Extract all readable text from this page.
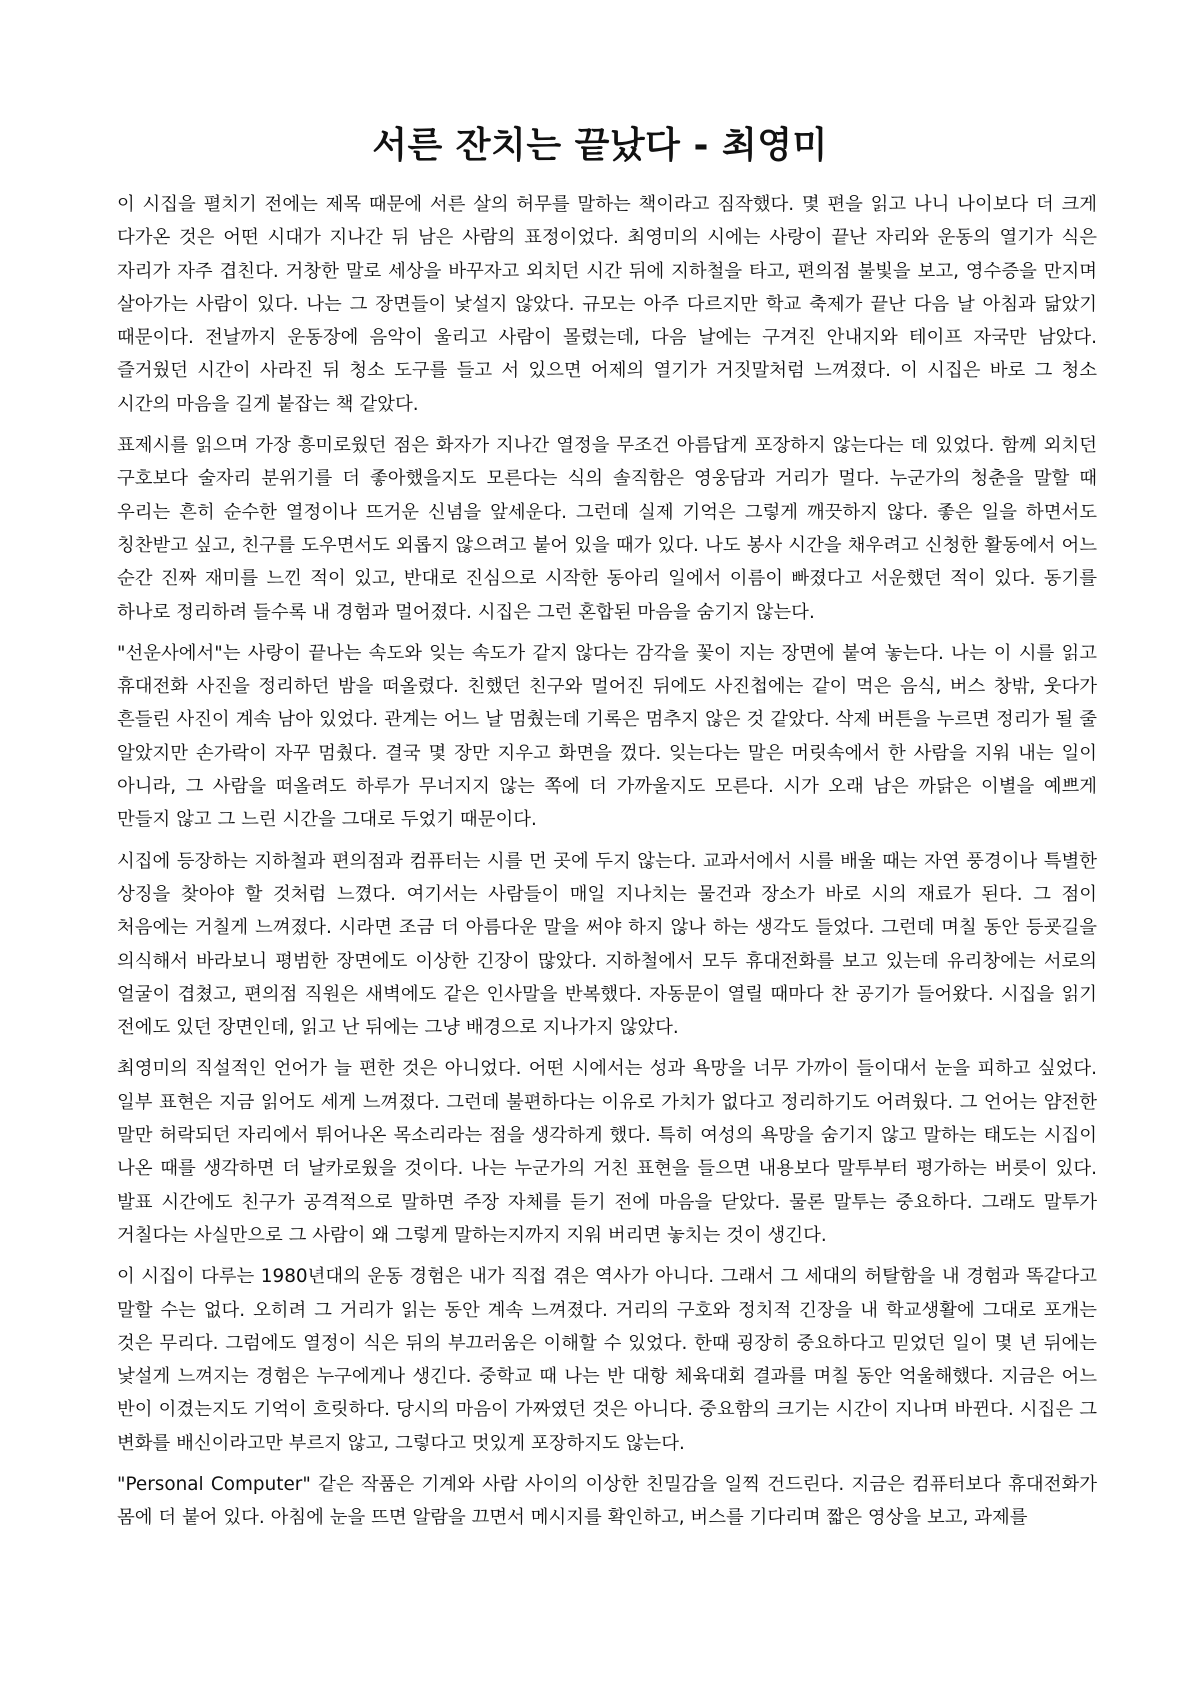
서른 잔치는 끝났다 - 최영미

이 시집을 펼치기 전에는 제목 때문에 서른 살의 허무를 말하는 책이라고 짐작했다. 몇 편을 읽고 나니 나이보다 더 크게 다가온 것은 어떤 시대가 지나간 뒤 남은 사람의 표정이었다. 최영미의 시에는 사랑이 끝난 자리와 운동의 열기가 식은 자리가 자주 겹친다. 거창한 말로 세상을 바꾸자고 외치던 시간 뒤에 지하철을 타고, 편의점 불빛을 보고, 영수증을 만지며 살아가는 사람이 있다. 나는 그 장면들이 낯설지 않았다. 규모는 아주 다르지만 학교 축제가 끝난 다음 날 아침과 닮았기 때문이다. 전날까지 운동장에 음악이 울리고 사람이 몰렸는데, 다음 날에는 구겨진 안내지와 테이프 자국만 남았다. 즐거웠던 시간이 사라진 뒤 청소 도구를 들고 서 있으면 어제의 열기가 거짓말처럼 느껴졌다. 이 시집은 바로 그 청소 시간의 마음을 길게 붙잡는 책 같았다.

표제시를 읽으며 가장 흥미로웠던 점은 화자가 지나간 열정을 무조건 아름답게 포장하지 않는다는 데 있었다. 함께 외치던 구호보다 술자리 분위기를 더 좋아했을지도 모른다는 식의 솔직함은 영웅담과 거리가 멀다. 누군가의 청춘을 말할 때 우리는 흔히 순수한 열정이나 뜨거운 신념을 앞세운다. 그런데 실제 기억은 그렇게 깨끗하지 않다. 좋은 일을 하면서도 칭찬받고 싶고, 친구를 도우면서도 외롭지 않으려고 붙어 있을 때가 있다. 나도 봉사 시간을 채우려고 신청한 활동에서 어느 순간 진짜 재미를 느낀 적이 있고, 반대로 진심으로 시작한 동아리 일에서 이름이 빠졌다고 서운했던 적이 있다. 동기를 하나로 정리하려 들수록 내 경험과 멀어졌다. 시집은 그런 혼합된 마음을 숨기지 않는다.

"선운사에서"는 사랑이 끝나는 속도와 잊는 속도가 같지 않다는 감각을 꽃이 지는 장면에 붙여 놓는다. 나는 이 시를 읽고 휴대전화 사진을 정리하던 밤을 떠올렸다. 친했던 친구와 멀어진 뒤에도 사진첩에는 같이 먹은 음식, 버스 창밖, 웃다가 흔들린 사진이 계속 남아 있었다. 관계는 어느 날 멈췄는데 기록은 멈추지 않은 것 같았다. 삭제 버튼을 누르면 정리가 될 줄 알았지만 손가락이 자꾸 멈췄다. 결국 몇 장만 지우고 화면을 껐다. 잊는다는 말은 머릿속에서 한 사람을 지워 내는 일이 아니라, 그 사람을 떠올려도 하루가 무너지지 않는 쪽에 더 가까울지도 모른다. 시가 오래 남은 까닭은 이별을 예쁘게 만들지 않고 그 느린 시간을 그대로 두었기 때문이다.

시집에 등장하는 지하철과 편의점과 컴퓨터는 시를 먼 곳에 두지 않는다. 교과서에서 시를 배울 때는 자연 풍경이나 특별한 상징을 찾아야 할 것처럼 느꼈다. 여기서는 사람들이 매일 지나치는 물건과 장소가 바로 시의 재료가 된다. 그 점이 처음에는 거칠게 느껴졌다. 시라면 조금 더 아름다운 말을 써야 하지 않나 하는 생각도 들었다. 그런데 며칠 동안 등굣길을 의식해서 바라보니 평범한 장면에도 이상한 긴장이 많았다. 지하철에서 모두 휴대전화를 보고 있는데 유리창에는 서로의 얼굴이 겹쳤고, 편의점 직원은 새벽에도 같은 인사말을 반복했다. 자동문이 열릴 때마다 찬 공기가 들어왔다. 시집을 읽기 전에도 있던 장면인데, 읽고 난 뒤에는 그냥 배경으로 지나가지 않았다.

최영미의 직설적인 언어가 늘 편한 것은 아니었다. 어떤 시에서는 성과 욕망을 너무 가까이 들이대서 눈을 피하고 싶었다. 일부 표현은 지금 읽어도 세게 느껴졌다. 그런데 불편하다는 이유로 가치가 없다고 정리하기도 어려웠다. 그 언어는 얌전한 말만 허락되던 자리에서 튀어나온 목소리라는 점을 생각하게 했다. 특히 여성의 욕망을 숨기지 않고 말하는 태도는 시집이 나온 때를 생각하면 더 날카로웠을 것이다. 나는 누군가의 거친 표현을 들으면 내용보다 말투부터 평가하는 버릇이 있다. 발표 시간에도 친구가 공격적으로 말하면 주장 자체를 듣기 전에 마음을 닫았다. 물론 말투는 중요하다. 그래도 말투가 거칠다는 사실만으로 그 사람이 왜 그렇게 말하는지까지 지워 버리면 놓치는 것이 생긴다.

이 시집이 다루는 1980년대의 운동 경험은 내가 직접 겪은 역사가 아니다. 그래서 그 세대의 허탈함을 내 경험과 똑같다고 말할 수는 없다. 오히려 그 거리가 읽는 동안 계속 느껴졌다. 거리의 구호와 정치적 긴장을 내 학교생활에 그대로 포개는 것은 무리다. 그럼에도 열정이 식은 뒤의 부끄러움은 이해할 수 있었다. 한때 굉장히 중요하다고 믿었던 일이 몇 년 뒤에는 낯설게 느껴지는 경험은 누구에게나 생긴다. 중학교 때 나는 반 대항 체육대회 결과를 며칠 동안 억울해했다. 지금은 어느 반이 이겼는지도 기억이 흐릿하다. 당시의 마음이 가짜였던 것은 아니다. 중요함의 크기는 시간이 지나며 바뀐다. 시집은 그 변화를 배신이라고만 부르지 않고, 그렇다고 멋있게 포장하지도 않는다.

"Personal Computer" 같은 작품은 기계와 사람 사이의 이상한 친밀감을 일찍 건드린다. 지금은 컴퓨터보다 휴대전화가 몸에 더 붙어 있다. 아침에 눈을 뜨면 알람을 끄면서 메시지를 확인하고, 버스를 기다리며 짧은 영상을 보고, 과제를
